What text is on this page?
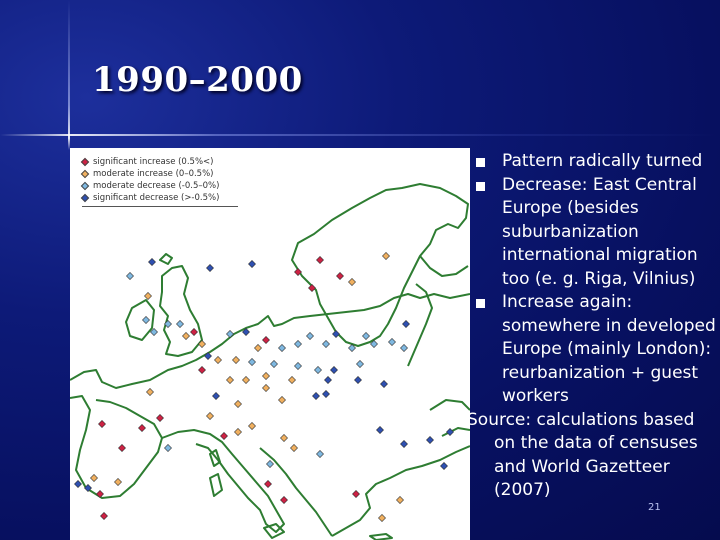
1990–2000
significant increase (0.5%<)
moderate increase (0–0.5%)
moderate decrease (-0.5–0%)
significant decrease (>-0.5%)
Pattern radically turned
Decrease: East Central Europe (besides suburbanization international migration too (e. g. Riga, Vilnius)
Increase again: somewhere in developed Europe (mainly London): reurbanization + guest workers
Source: calculations based on the data of censuses and World Gazetteer (2007)
21
